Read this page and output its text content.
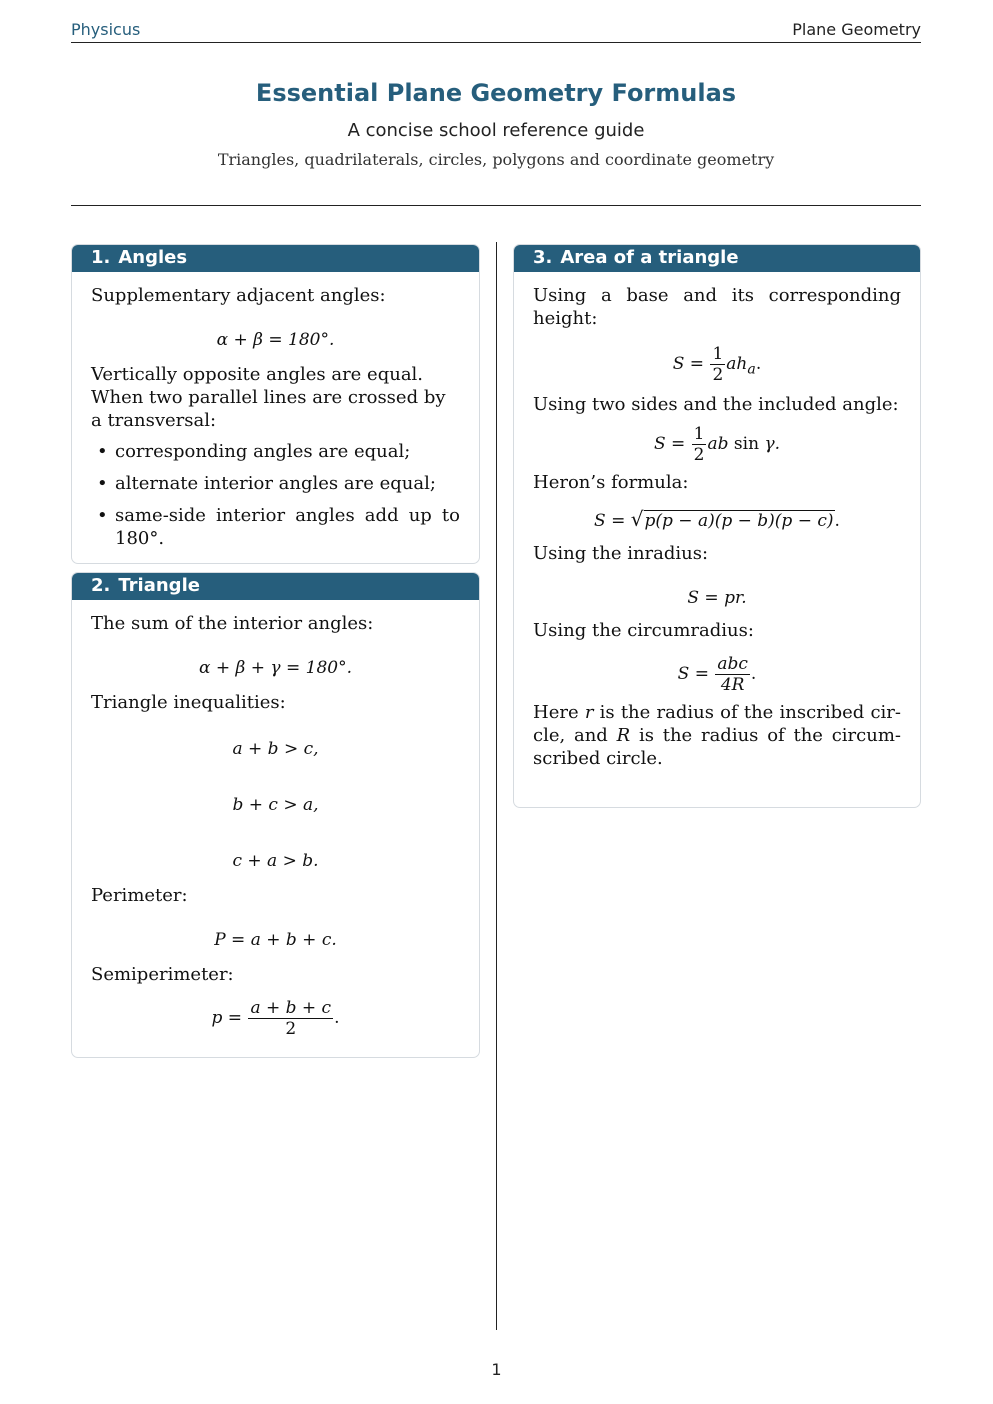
Physicus	Plane Geometry
Essential Plane Geometry Formulas
A concise school reference guide
Triangles, quadrilaterals, circles, polygons and coordinate geometry
1. Angles

Supplementary adjacent angles:

α + β = 180°.

Vertically opposite angles are equal. When two parallel lines are crossed by a transversal:

• corresponding angles are equal;
• alternate interior angles are equal;
• same-side interior angles add up to 180°.
2. Triangle

The sum of the interior angles:

α + β + γ = 180°.

Triangle inequalities:

a + b > c,
b + c > a,
c + a > b.

Perimeter:

P = a + b + c.

Semiperimeter:

$p = \frac{a + b + c}{2}$ .
3. Area of a triangle

Using a base and its corresponding height:

$S = \frac{1}{2} ah_a$.

Using two sides and the included angle:

$S = \frac{1}{2}$ ab sin γ.

Heron’s formula:

S = √p(p − a)(p − b)(p − c).

Using the inradius:

S = pr.

Using the circumradius:

$S = \frac{\text{abc}}{4R}$ .

Here r is the radius of the inscribed cir-cle, and R is the radius of the circum-scribed circle.

1
